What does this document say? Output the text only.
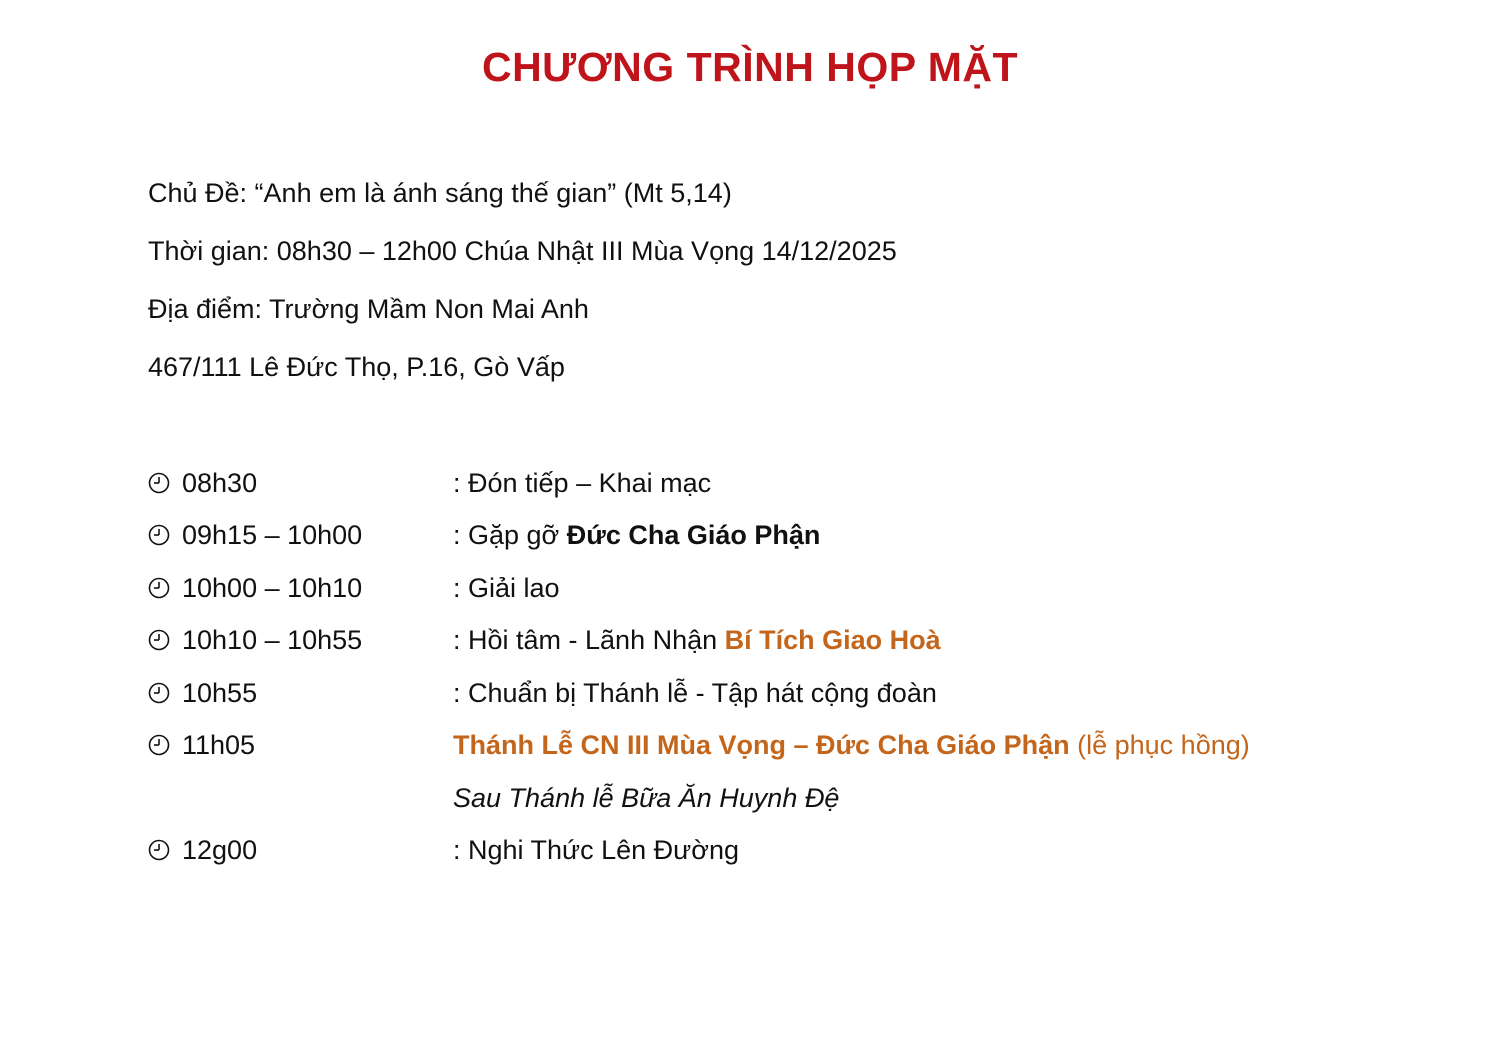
CHƯƠNG TRÌNH HỌP MẶT
Chủ Đề: “Anh em là ánh sáng thế gian” (Mt 5,14)
Thời gian: 08h30 – 12h00 Chúa Nhật III Mùa Vọng 14/12/2025
Địa điểm: Trường Mầm Non Mai Anh
467/111 Lê Đức Thọ, P.16, Gò Vấp
08h30	: Đón tiếp – Khai mạc
09h15 – 10h00	: Gặp gỡ Đức Cha Giáo Phận
10h00 – 10h10	: Giải lao
10h10 – 10h55	: Hồi tâm - Lãnh Nhận Bí Tích Giao Hoà
10h55	: Chuẩn bị Thánh lễ - Tập hát cộng đoàn
11h05	Thánh Lễ CN III Mùa Vọng – Đức Cha Giáo Phận (lễ phục hồng)
Sau Thánh lễ Bữa Ăn Huynh Đệ
12g00	: Nghi Thức Lên Đường
